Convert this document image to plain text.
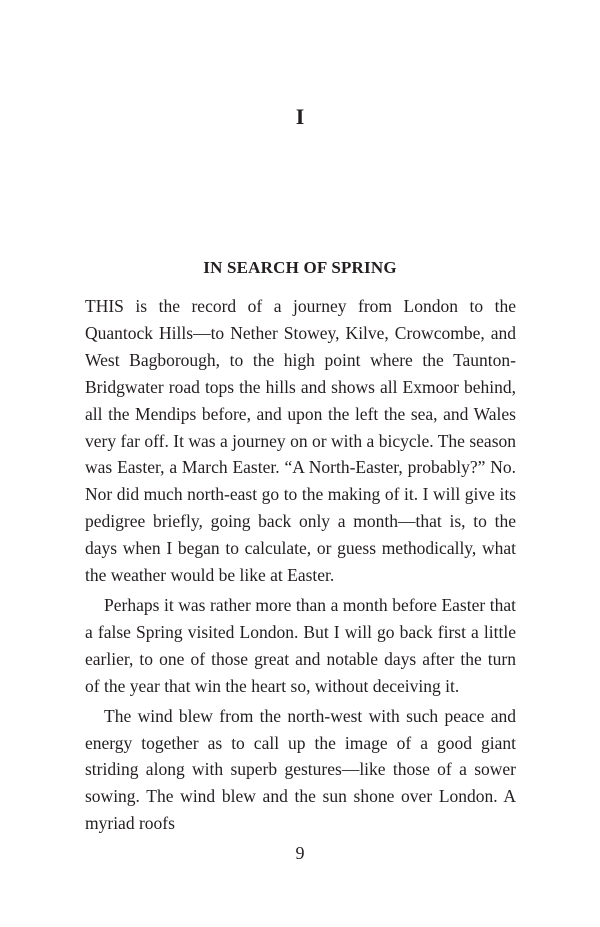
I
IN SEARCH OF SPRING

THIS is the record of a journey from London to the Quantock Hills—to Nether Stowey, Kilve, Crowcombe, and West Bagborough, to the high point where the Taunton-Bridgwater road tops the hills and shows all Exmoor behind, all the Mendips before, and upon the left the sea, and Wales very far off. It was a journey on or with a bicycle. The season was Easter, a March Easter. “A North-Easter, probably?” No. Nor did much north-east go to the making of it. I will give its pedigree briefly, going back only a month—that is, to the days when I began to calculate, or guess methodically, what the weather would be like at Easter.

Perhaps it was rather more than a month before Easter that a false Spring visited London. But I will go back first a little earlier, to one of those great and notable days after the turn of the year that win the heart so, without deceiving it.

The wind blew from the north-west with such peace and energy together as to call up the image of a good giant striding along with superb gestures—like those of a sower sowing. The wind blew and the sun shone over London. A myriad roofs

9
